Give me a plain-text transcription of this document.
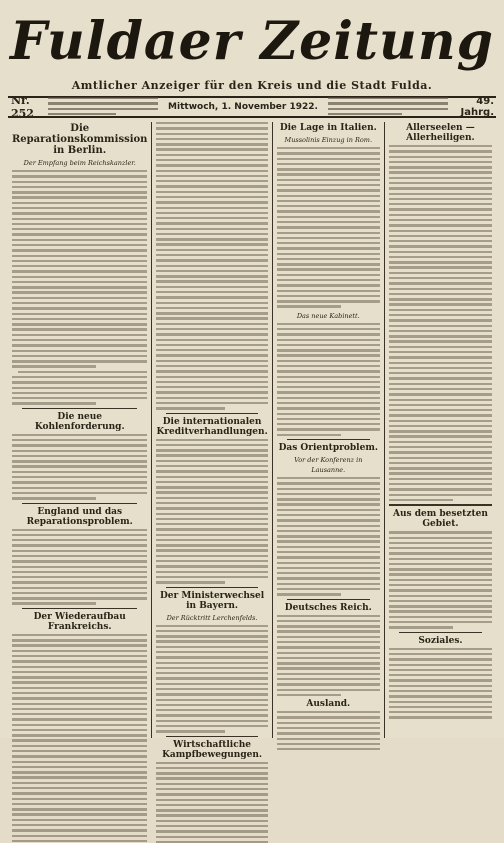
Fuldaer Zeitung
Amtlicher Anzeiger für den Kreis und die Stadt Fulda.
Nr. 252	Mittwoch, 1. November 1922.	49. Jahrg.
Die Reparationskommission in Berlin.
Der Empfang beim Reichskanzler.
Die neue Kohlenforderung.
England und das Reparationsproblem.
Der Wiederaufbau Frankreichs.
Die internationalen Kreditverhandlungen.
Der Ministerwechsel in Bayern.
Der Rücktritt Lerchenfelds.
Wirtschaftliche Kampfbewegungen.
Die Lage in Italien.
Mussolinis Einzug in Rom.
Das neue Kabinett.
Das Orientproblem.
Vor der Konferenz in Lausanne.
Deutsches Reich.
Ausland.
Allerseelen — Allerheiligen.
Aus dem besetzten Gebiet.
Soziales.
